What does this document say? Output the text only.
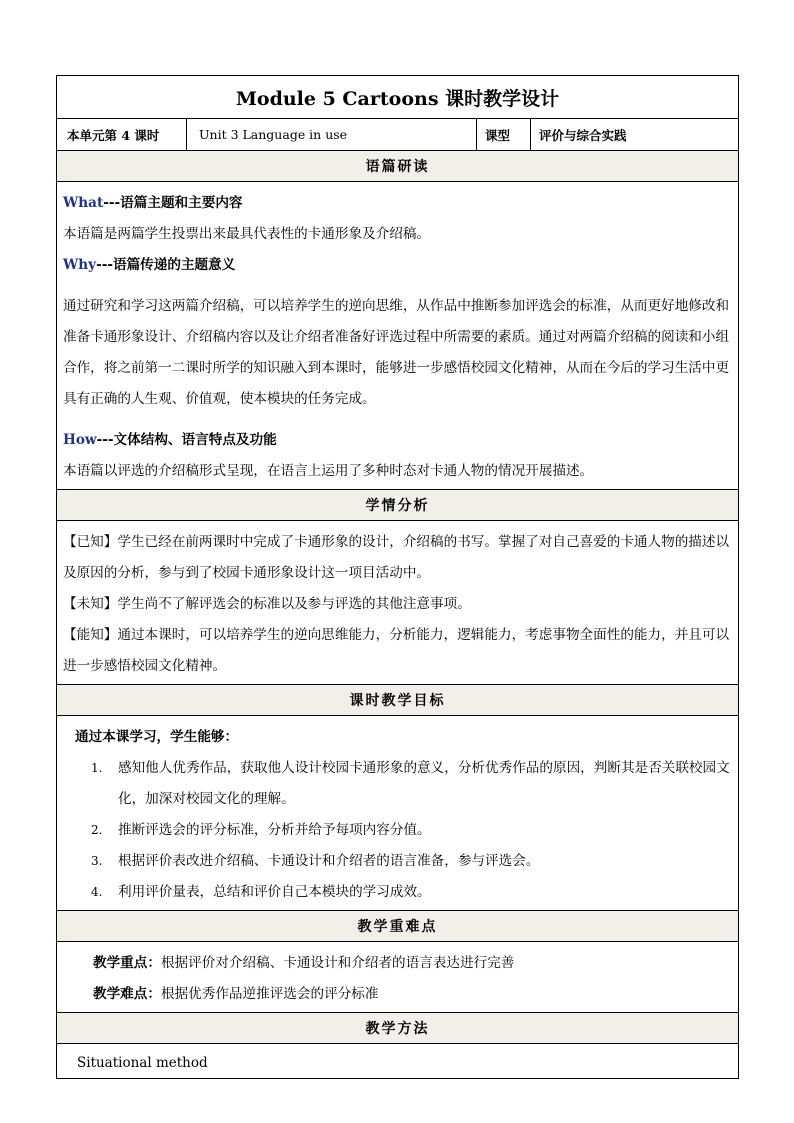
Module 5 Cartoons 课时教学设计
本单元第 4 课时	Unit 3 Language in use	课型	评价与综合实践
语篇研读

What---语篇主题和主要内容

本语篇是两篇学生投票出来最具代表性的卡通形象及介绍稿。

Why---语篇传递的主题意义

通过研究和学习这两篇介绍稿，可以培养学生的逆向思维，从作品中推断参加评选会的标准，从而更好地修改和准备卡通形象设计、介绍稿内容以及让介绍者准备好评选过程中所需要的素质。通过对两篇介绍稿的阅读和小组合作，将之前第一二课时所学的知识融入到本课时，能够进一步感悟校园文化精神，从而在今后的学习生活中更具有正确的人生观、价值观，使本模块的任务完成。

How---文体结构、语言特点及功能

本语篇以评选的介绍稿形式呈现，在语言上运用了多种时态对卡通人物的情况开展描述。

学情分析

【已知】学生已经在前两课时中完成了卡通形象的设计，介绍稿的书写。掌握了对自己喜爱的卡通人物的描述以及原因的分析，参与到了校园卡通形象设计这一项目活动中。

【未知】学生尚不了解评选会的标准以及参与评选的其他注意事项。

【能知】通过本课时，可以培养学生的逆向思维能力，分析能力，逻辑能力，考虑事物全面性的能力，并且可以进一步感悟校园文化精神。

课时教学目标

通过本课学习，学生能够：

1. 感知他人优秀作品，获取他人设计校园卡通形象的意义，分析优秀作品的原因，判断其是否关联校园文化，加深对校园文化的理解。
2. 推断评选会的评分标准，分析并给予每项内容分值。
3. 根据评价表改进介绍稿、卡通设计和介绍者的语言准备，参与评选会。
4. 利用评价量表，总结和评价自己本模块的学习成效。

教学重难点

教学重点：根据评价对介绍稿、卡通设计和介绍者的语言表达进行完善

教学难点：根据优秀作品逆推评选会的评分标准

教学方法
Situational method
